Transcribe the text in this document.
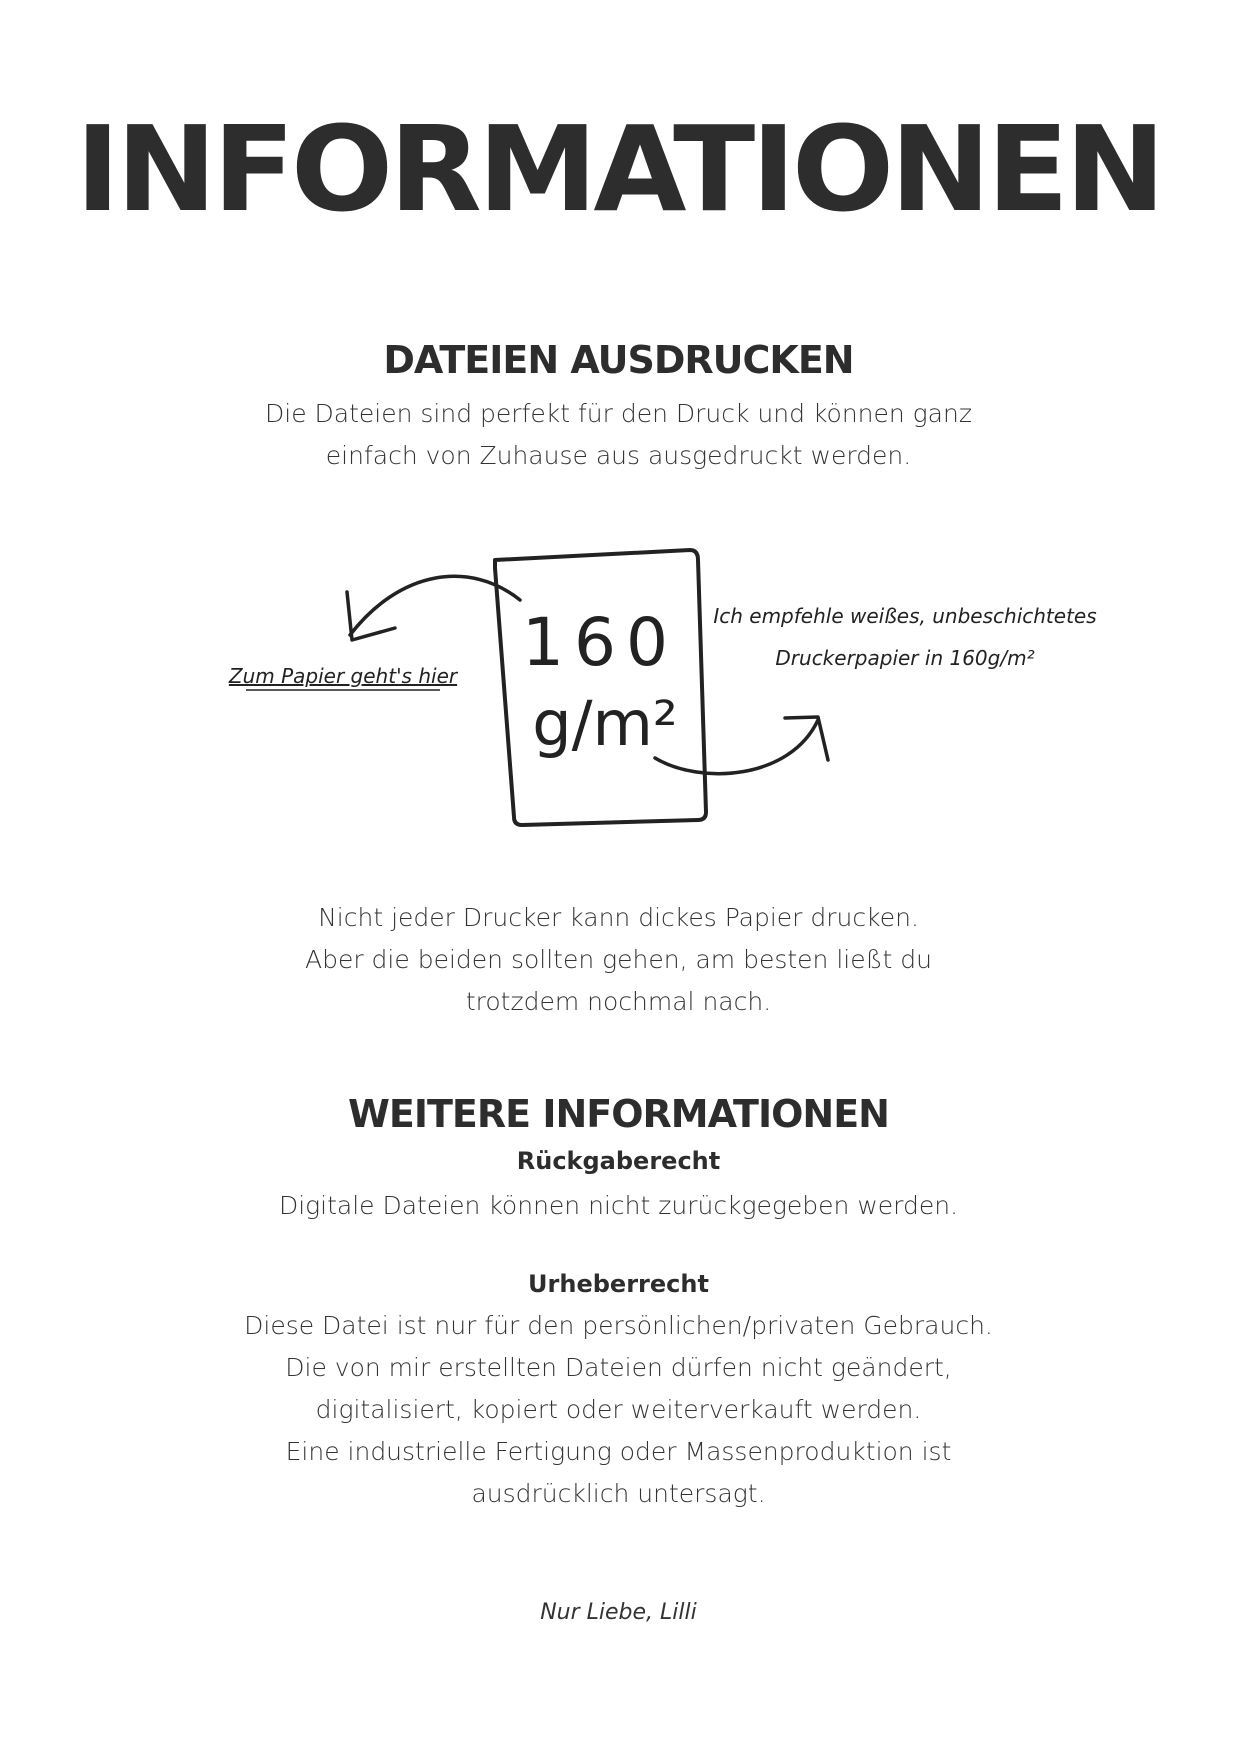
INFORMATIONEN
DATEIEN AUSDRUCKEN
Die Dateien sind perfekt für den Druck und können ganz
einfach von Zuhause aus ausgedruckt werden.
160
g/m²
Zum Papier geht's hier
Ich empfehle weißes, unbeschichtetes
Druckerpapier in 160g/m²
Nicht jeder Drucker kann dickes Papier drucken.
Aber die beiden sollten gehen, am besten ließt du
trotzdem nochmal nach.
WEITERE INFORMATIONEN
Rückgaberecht
Digitale Dateien können nicht zurückgegeben werden.
Urheberrecht
Diese Datei ist nur für den persönlichen/privaten Gebrauch.
Die von mir erstellten Dateien dürfen nicht geändert,
digitalisiert, kopiert oder weiterverkauft werden.
Eine industrielle Fertigung oder Massenproduktion ist
ausdrücklich untersagt.
Nur Liebe, Lilli
